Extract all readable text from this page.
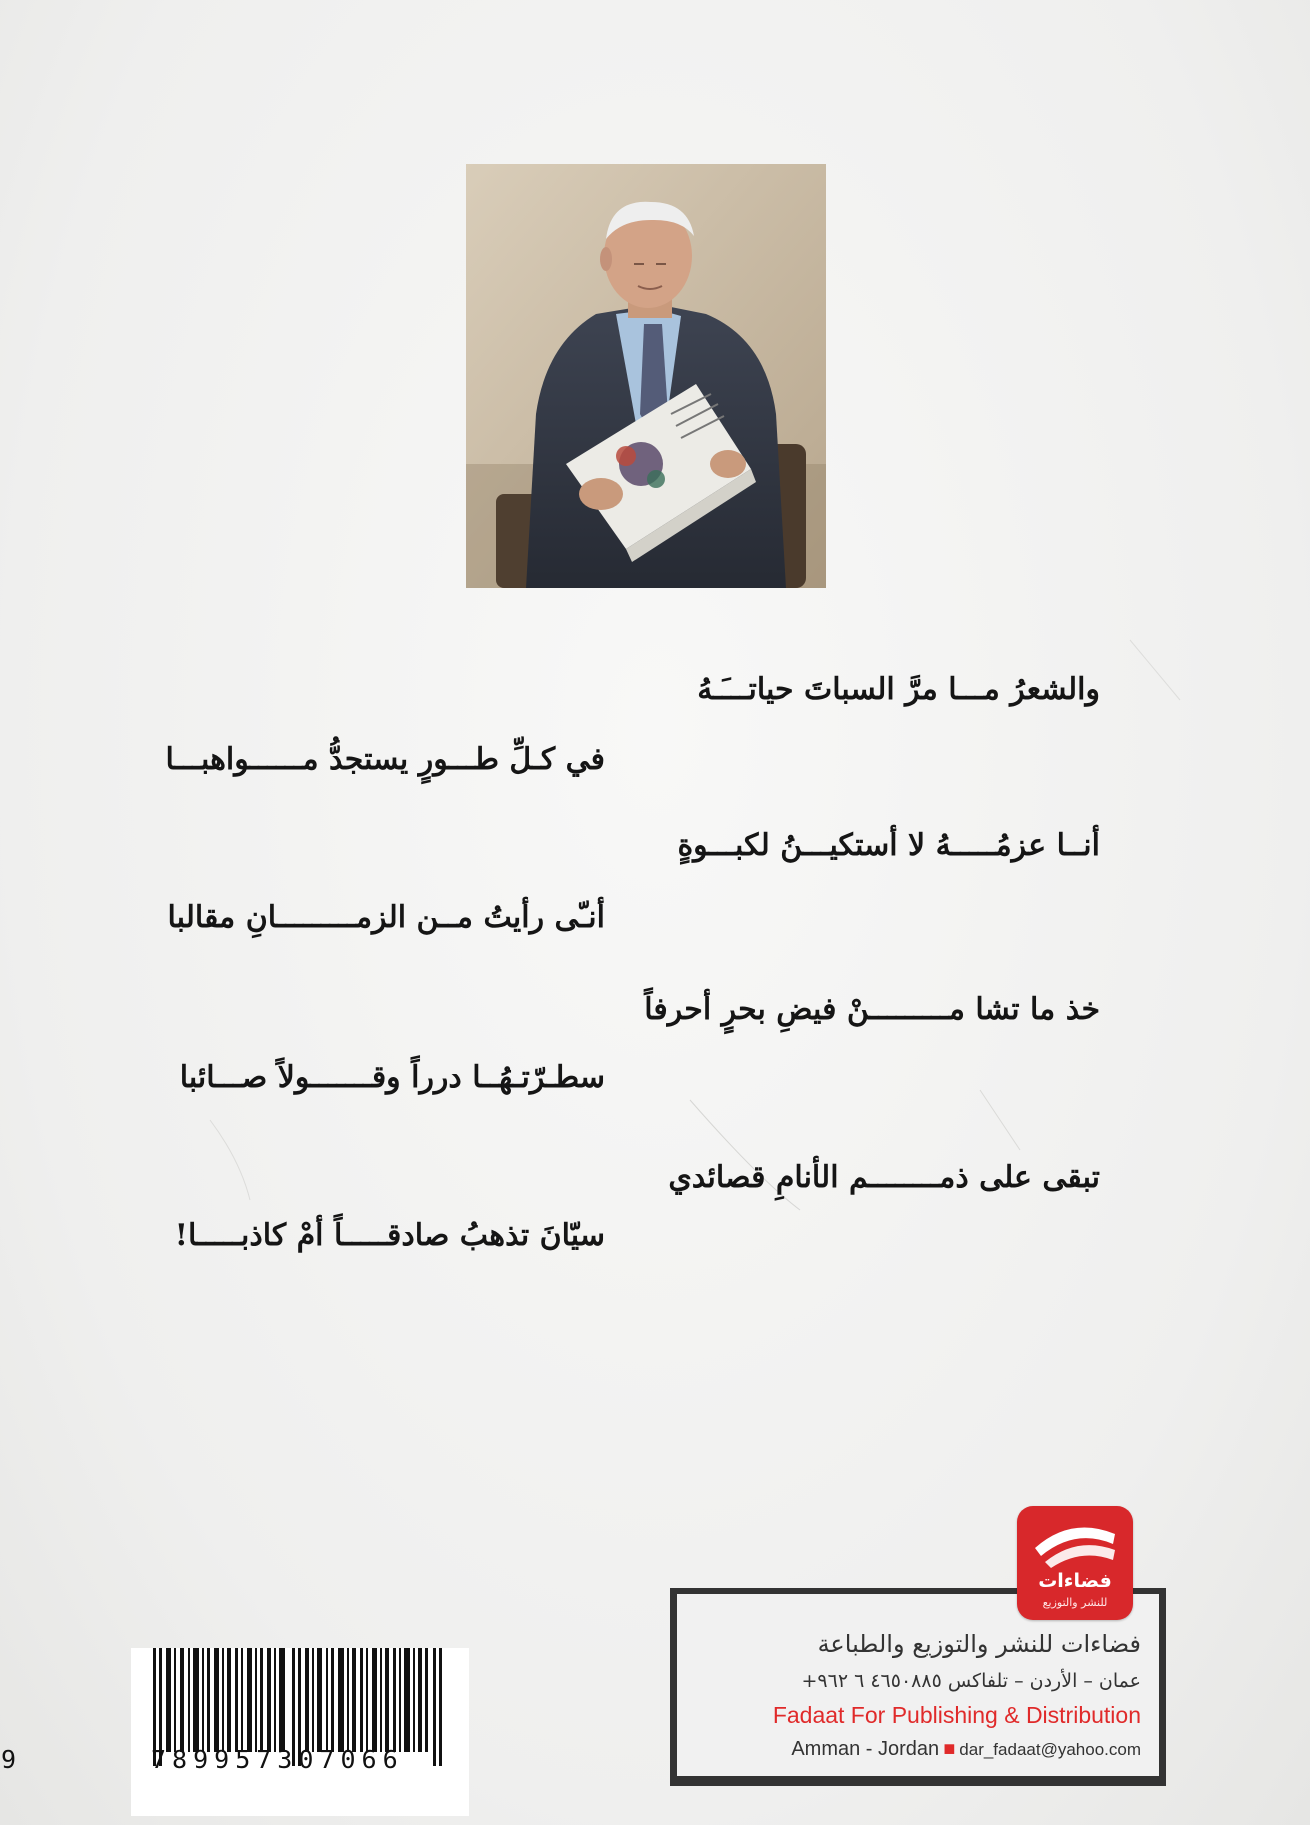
والشعرُ مـــا مرَّ السباتَ حياتـــَـهُ
في كـلِّ طـــورٍ يستجدُّ مــــــواهبـــا
أنــا عزمُـــــهُ لا أستكيـــنُ لكبـــوةٍ
أنـّى رأيتُ مــن الزمـــــــــانِ مقالبا
خذ ما تشا مـــــــــنْ فيضِ بحرٍ أحرفاً
سطـرّتـهُــا درراً وقـــــــولاً صـــائبا
تبقى على ذمــــــــم الأنامِ قصائدي
سيّانَ تذهبُ صادقـــــاً أمْ كاذبـــــا!
فضاءات للنشر والتوزيع والطباعة
عمان – الأردن – تلفاكس ٤٦٥٠٨٨٥ ٦ ٩٦٢+
Fadaat For Publishing & Distribution
Amman - Jordan ■ dar_fadaat@yahoo.com
فضاءات
للنشر والتوزيع
9	789957307066
